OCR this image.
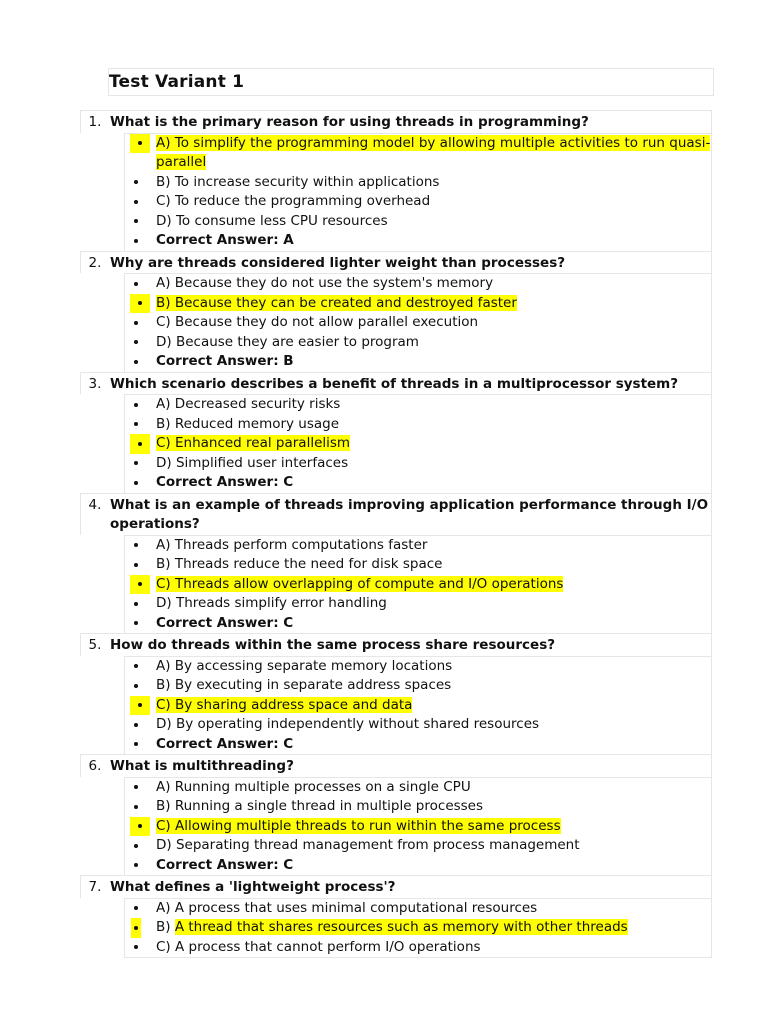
Test Variant 1
1. What is the primary reason for using threads in programming?
A) To simplify the programming model by allowing multiple activities to run quasi-parallel
B) To increase security within applications
C) To reduce the programming overhead
D) To consume less CPU resources
Correct Answer: A
2. Why are threads considered lighter weight than processes?
A) Because they do not use the system's memory
B) Because they can be created and destroyed faster
C) Because they do not allow parallel execution
D) Because they are easier to program
Correct Answer: B
3. Which scenario describes a benefit of threads in a multiprocessor system?
A) Decreased security risks
B) Reduced memory usage
C) Enhanced real parallelism
D) Simplified user interfaces
Correct Answer: C
4. What is an example of threads improving application performance through I/O operations?
A) Threads perform computations faster
B) Threads reduce the need for disk space
C) Threads allow overlapping of compute and I/O operations
D) Threads simplify error handling
Correct Answer: C
5. How do threads within the same process share resources?
A) By accessing separate memory locations
B) By executing in separate address spaces
C) By sharing address space and data
D) By operating independently without shared resources
Correct Answer: C
6. What is multithreading?
A) Running multiple processes on a single CPU
B) Running a single thread in multiple processes
C) Allowing multiple threads to run within the same process
D) Separating thread management from process management
Correct Answer: C
7. What defines a 'lightweight process'?
A) A process that uses minimal computational resources
B) A thread that shares resources such as memory with other threads
C) A process that cannot perform I/O operations
